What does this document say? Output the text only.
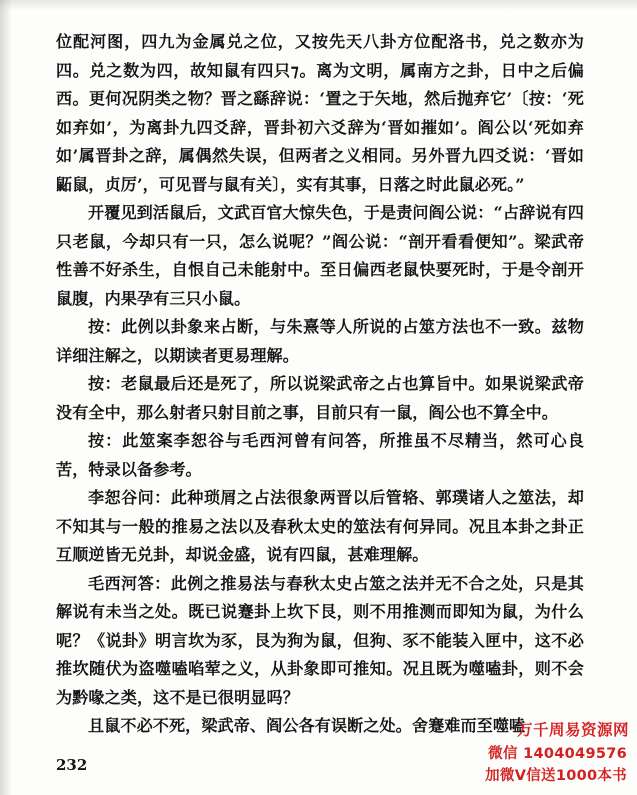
位配河图，四九为金属兑之位，又按先天八卦方位配洛书，兑之数亦为四。兑之数为四，故知鼠有四只⁊。离为文明，属南方之卦，日中之后偏西。更何况阴类之物？晋之繇辞说：‘置之于矢地，然后抛弃它’〔按：‘死如弃如’，为离卦九四爻辞，晋卦初六爻辞为‘晋如摧如’。阎公以‘死如弃如’属晋卦之辞，属偶然失误，但两者之义相同。另外晋九四爻说：‘晋如鼫鼠，贞厉’，可见晋与鼠有关〕，实有其事，日落之时此鼠必死。”

开覆见到活鼠后，文武百官大惊失色，于是责问阎公说：“占辞说有四只老鼠，今却只有一只，怎么说呢？”阎公说：“剖开看看便知”。梁武帝性善不好杀生，自恨自己未能射中。至日偏西老鼠快要死时，于是令剖开鼠腹，内果孕有三只小鼠。

按：此例以卦象来占断，与朱熹等人所说的占筮方法也不一致。兹物详细注解之，以期读者更易理解。

按：老鼠最后还是死了，所以说梁武帝之占也算旨中。如果说梁武帝没有全中，那么射者只射目前之事，目前只有一鼠，阎公也不算全中。

按：此筮案李恕谷与毛西河曾有问答，所推虽不尽精当，然可心良苦，特录以备参考。

李恕谷问：此种琐屑之占法很象两晋以后管辂、郭璞诸人之筮法，却不知其与一般的推易之法以及春秋太史的筮法有何异同。况且本卦之卦正互顺逆皆无兑卦，却说金盛，说有四鼠，甚难理解。

毛西河答：此例之推易法与春秋太史占筮之法并无不合之处，只是其解说有未当之处。既已说蹇卦上坎下艮，则不用推测而即知为鼠，为什么呢？《说卦》明言坎为豕，艮为狗为鼠，但狗、豕不能装入匣中，这不必推坎随伏为盗噬嗑啗荤之义，从卦象即可推知。况且既为噬嗑卦，则不会为黔喙之类，这不是已很明显吗？

且鼠不必不死，梁武帝、阎公各有误断之处。舍蹇难而至噬嗑

232
万千周易资源网
微信 1404049576
加微V信送1000本书
